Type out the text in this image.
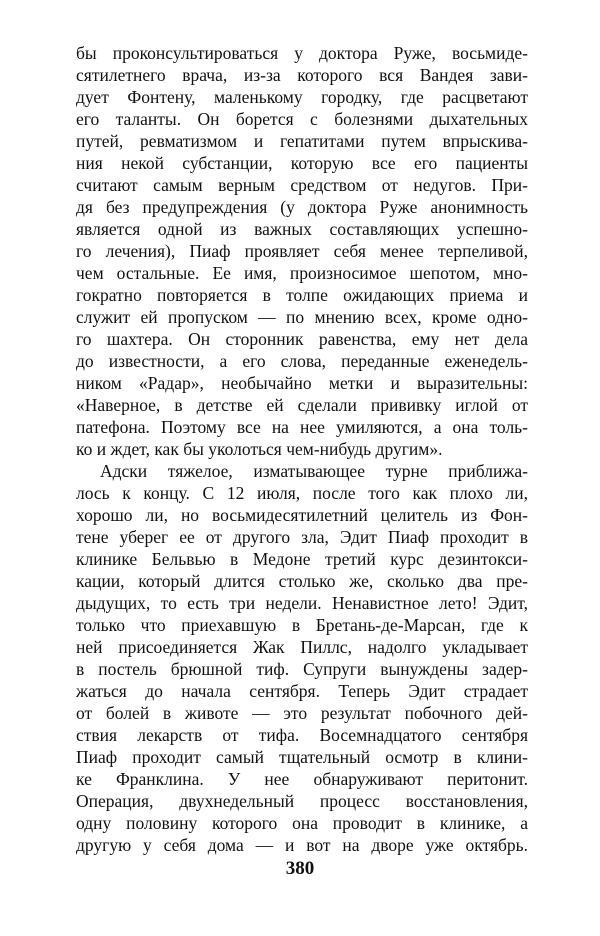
бы проконсультироваться у доктора Руже, восьмиде-
сятилетнего врача, из-за которого вся Вандея зави-
дует Фонтену, маленькому городку, где расцветают
его таланты. Он борется с болезнями дыхательных
путей, ревматизмом и гепатитами путем впрыскива-
ния некой субстанции, которую все его пациенты
считают самым верным средством от недугов. При-
дя без предупреждения (у доктора Руже анонимность
является одной из важных составляющих успешно-
го лечения), Пиаф проявляет себя менее терпеливой,
чем остальные. Ее имя, произносимое шепотом, мно-
гократно повторяется в толпе ожидающих приема и
служит ей пропуском — по мнению всех, кроме одно-
го шахтера. Он сторонник равенства, ему нет дела
до известности, а его слова, переданные еженедель-
ником «Радар», необычайно метки и выразительны:
«Наверное, в детстве ей сделали прививку иглой от
патефона. Поэтому все на нее умиляются, а она толь-
ко и ждет, как бы уколоться чем-нибудь другим».
Адски тяжелое, изматывающее турне приближа-
лось к концу. С 12 июля, после того как плохо ли,
хорошо ли, но восьмидесятилетний целитель из Фон-
тене уберег ее от другого зла, Эдит Пиаф проходит в
клинике Бельвью в Медоне третий курс дезинтокси-
кации, который длится столько же, сколько два пре-
дыдущих, то есть три недели. Ненавистное лето! Эдит,
только что приехавшую в Бретань-де-Марсан, где к
ней присоединяется Жак Пиллс, надолго укладывает
в постель брюшной тиф. Супруги вынуждены задер-
жаться до начала сентября. Теперь Эдит страдает
от болей в животе — это результат побочного дей-
ствия лекарств от тифа. Восемнадцатого сентября
Пиаф проходит самый тщательный осмотр в клини-
ке Франклина. У нее обнаруживают перитонит.
Операция, двухнедельный процесс восстановления,
одну половину которого она проводит в клинике, а
другую у себя дома — и вот на дворе уже октябрь.
380
